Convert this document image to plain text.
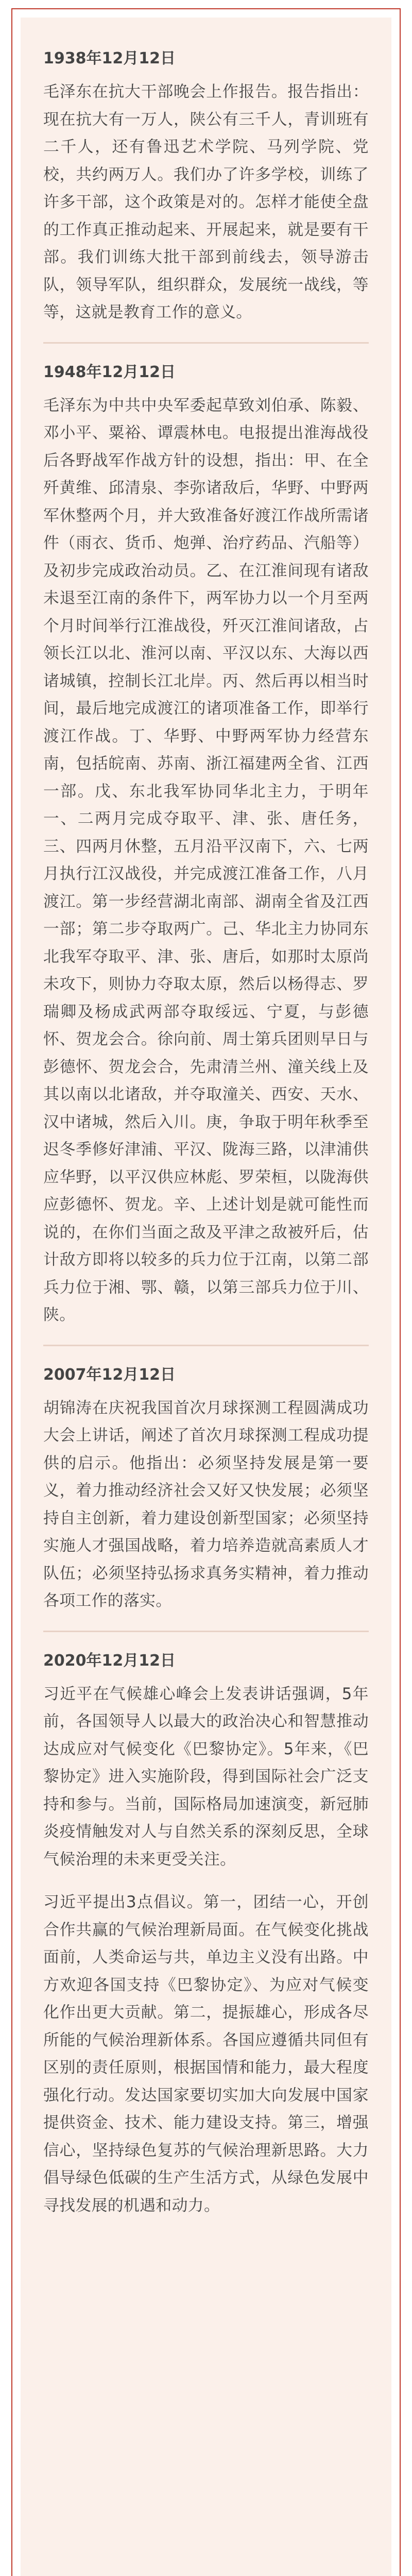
1938年12月12日

毛泽东在抗大干部晚会上作报告。报告指出：现在抗大有一万人，陕公有三千人，青训班有二千人，还有鲁迅艺术学院、马列学院、党校，共约两万人。我们办了许多学校，训练了许多干部，这个政策是对的。怎样才能使全盘的工作真正推动起来、开展起来，就是要有干部。我们训练大批干部到前线去，领导游击队，领导军队，组织群众，发展统一战线，等等，这就是教育工作的意义。

1948年12月12日

毛泽东为中共中央军委起草致刘伯承、陈毅、邓小平、粟裕、谭震林电。电报提出淮海战役后各野战军作战方针的设想，指出：甲、在全歼黄维、邱清泉、李弥诸敌后，华野、中野两军休整两个月，并大致准备好渡江作战所需诸件（雨衣、货币、炮弹、治疗药品、汽船等）及初步完成政治动员。乙、在江淮间现有诸敌未退至江南的条件下，两军协力以一个月至两个月时间举行江淮战役，歼灭江淮间诸敌，占领长江以北、淮河以南、平汉以东、大海以西诸城镇，控制长江北岸。丙、然后再以相当时间，最后地完成渡江的诸项准备工作，即举行渡江作战。丁、华野、中野两军协力经营东南，包括皖南、苏南、浙江福建两全省、江西一部。戊、东北我军协同华北主力，于明年一、二两月完成夺取平、津、张、唐任务，三、四两月休整，五月沿平汉南下，六、七两月执行江汉战役，并完成渡江准备工作，八月渡江。第一步经营湖北南部、湖南全省及江西一部；第二步夺取两广。己、华北主力协同东北我军夺取平、津、张、唐后，如那时太原尚未攻下，则协力夺取太原，然后以杨得志、罗瑞卿及杨成武两部夺取绥远、宁夏，与彭德怀、贺龙会合。徐向前、周士第兵团则早日与彭德怀、贺龙会合，先肃清兰州、潼关线上及其以南以北诸敌，并夺取潼关、西安、天水、汉中诸城，然后入川。庚，争取于明年秋季至迟冬季修好津浦、平汉、陇海三路，以津浦供应华野，以平汉供应林彪、罗荣桓，以陇海供应彭德怀、贺龙。辛、上述计划是就可能性而说的，在你们当面之敌及平津之敌被歼后，估计敌方即将以较多的兵力位于江南，以第二部兵力位于湘、鄂、赣，以第三部兵力位于川、陕。

2007年12月12日

胡锦涛在庆祝我国首次月球探测工程圆满成功大会上讲话，阐述了首次月球探测工程成功提供的启示。他指出：必须坚持发展是第一要义，着力推动经济社会又好又快发展；必须坚持自主创新，着力建设创新型国家；必须坚持实施人才强国战略，着力培养造就高素质人才队伍；必须坚持弘扬求真务实精神，着力推动各项工作的落实。

2020年12月12日

习近平在气候雄心峰会上发表讲话强调，5年前，各国领导人以最大的政治决心和智慧推动达成应对气候变化《巴黎协定》。5年来，《巴黎协定》进入实施阶段，得到国际社会广泛支持和参与。当前，国际格局加速演变，新冠肺炎疫情触发对人与自然关系的深刻反思，全球气候治理的未来更受关注。

习近平提出3点倡议。第一，团结一心，开创合作共赢的气候治理新局面。在气候变化挑战面前，人类命运与共，单边主义没有出路。中方欢迎各国支持《巴黎协定》、为应对气候变化作出更大贡献。第二，提振雄心，形成各尽所能的气候治理新体系。各国应遵循共同但有区别的责任原则，根据国情和能力，最大程度强化行动。发达国家要切实加大向发展中国家提供资金、技术、能力建设支持。第三，增强信心，坚持绿色复苏的气候治理新思路。大力倡导绿色低碳的生产生活方式，从绿色发展中寻找发展的机遇和动力。
